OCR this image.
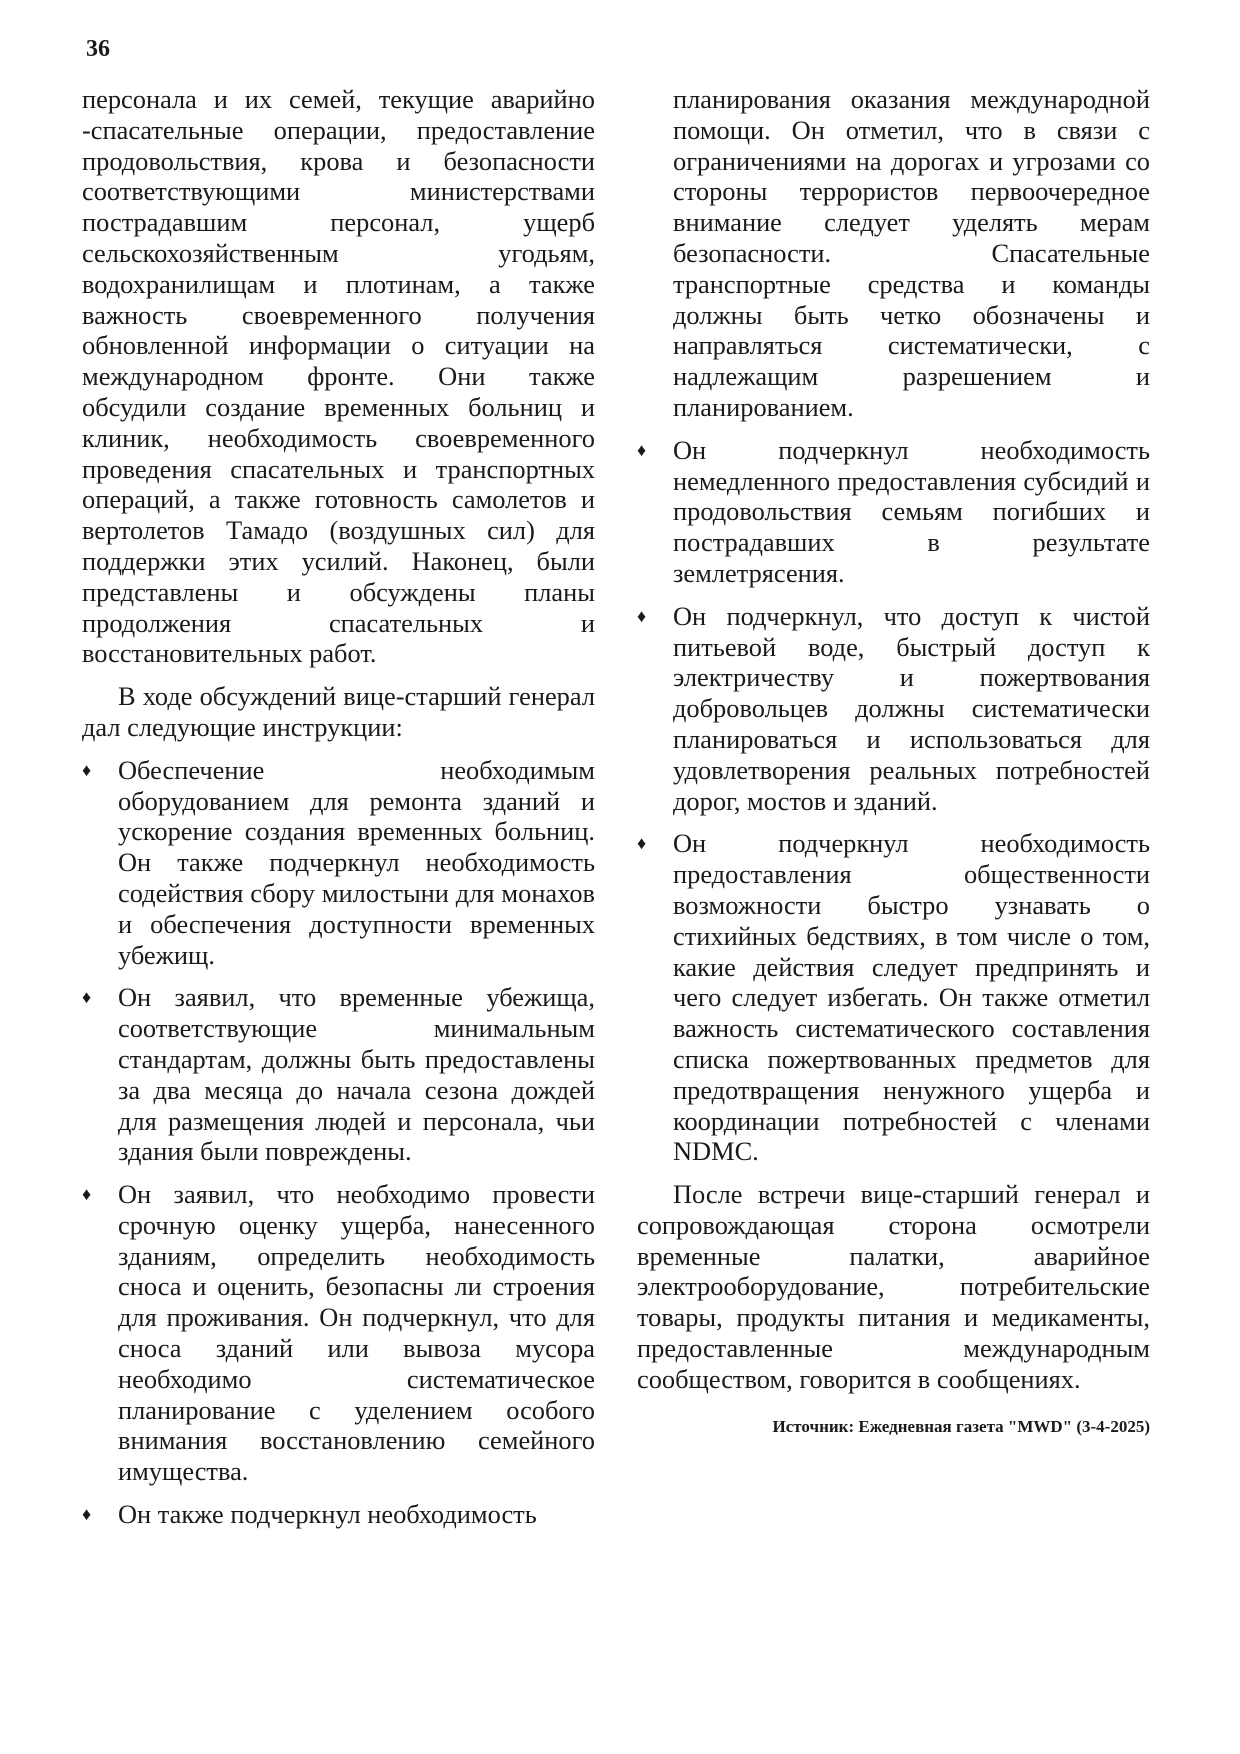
36

персонала и их семей, текущие аварийно -спасательные операции, предоставление продовольствия, крова и безопасности соответствующими министерствами пострадавшим персонал, ущерб сельскохозяйственным угодьям, водохранилищам и плотинам, а также важность своевременного получения обновленной информации о ситуации на международном фронте. Они также обсудили создание временных больниц и клиник, необходимость своевременного проведения спасательных и транспортных операций, а также готовность самолетов и вертолетов Тамадо (воздушных сил) для поддержки этих усилий. Наконец, были представлены и обсуждены планы продолжения спасательных и восстановительных работ.

В ходе обсуждений вице-старший генерал дал следующие инструкции:

♦ Обеспечение необходимым оборудованием для ремонта зданий и ускорение создания временных больниц. Он также подчеркнул необходимость содействия сбору милостыни для монахов и обеспечения доступности временных убежищ.
♦ Он заявил, что временные убежища, соответствующие минимальным стандартам, должны быть предоставлены за два месяца до начала сезона дождей для размещения людей и персонала, чьи здания были повреждены.
♦ Он заявил, что необходимо провести срочную оценку ущерба, нанесенного зданиям, определить необходимость сноса и оценить, безопасны ли строения для проживания. Он подчеркнул, что для сноса зданий или вывоза мусора необходимо систематическое планирование с уделением особого внимания восстановлению семейного имущества.
♦ Он также подчеркнул необходимость

планирования оказания международной помощи. Он отметил, что в связи с ограничениями на дорогах и угрозами со стороны террористов первоочередное внимание следует уделять мерам безопасности. Спасательные транспортные средства и команды должны быть четко обозначены и направляться систематически, с надлежащим разрешением и планированием.

♦ Он подчеркнул необходимость немедленного предоставления субсидий и продовольствия семьям погибших и пострадавших в результате землетрясения.
♦ Он подчеркнул, что доступ к чистой питьевой воде, быстрый доступ к электричеству и пожертвования добровольцев должны систематически планироваться и использоваться для удовлетворения реальных потребностей дорог, мостов и зданий.
♦ Он подчеркнул необходимость предоставления общественности возможности быстро узнавать о стихийных бедствиях, в том числе о том, какие действия следует предпринять и чего следует избегать. Он также отметил важность систематического составления списка пожертвованных предметов для предотвращения ненужного ущерба и координации потребностей с членами NDMC.

После встречи вице-старший генерал и сопровождающая сторона осмотрели временные палатки, аварийное электрооборудование, потребительские товары, продукты питания и медикаменты, предоставленные международным сообществом, говорится в сообщениях.

Источник: Ежедневная газета "MWD" (3-4-2025)
